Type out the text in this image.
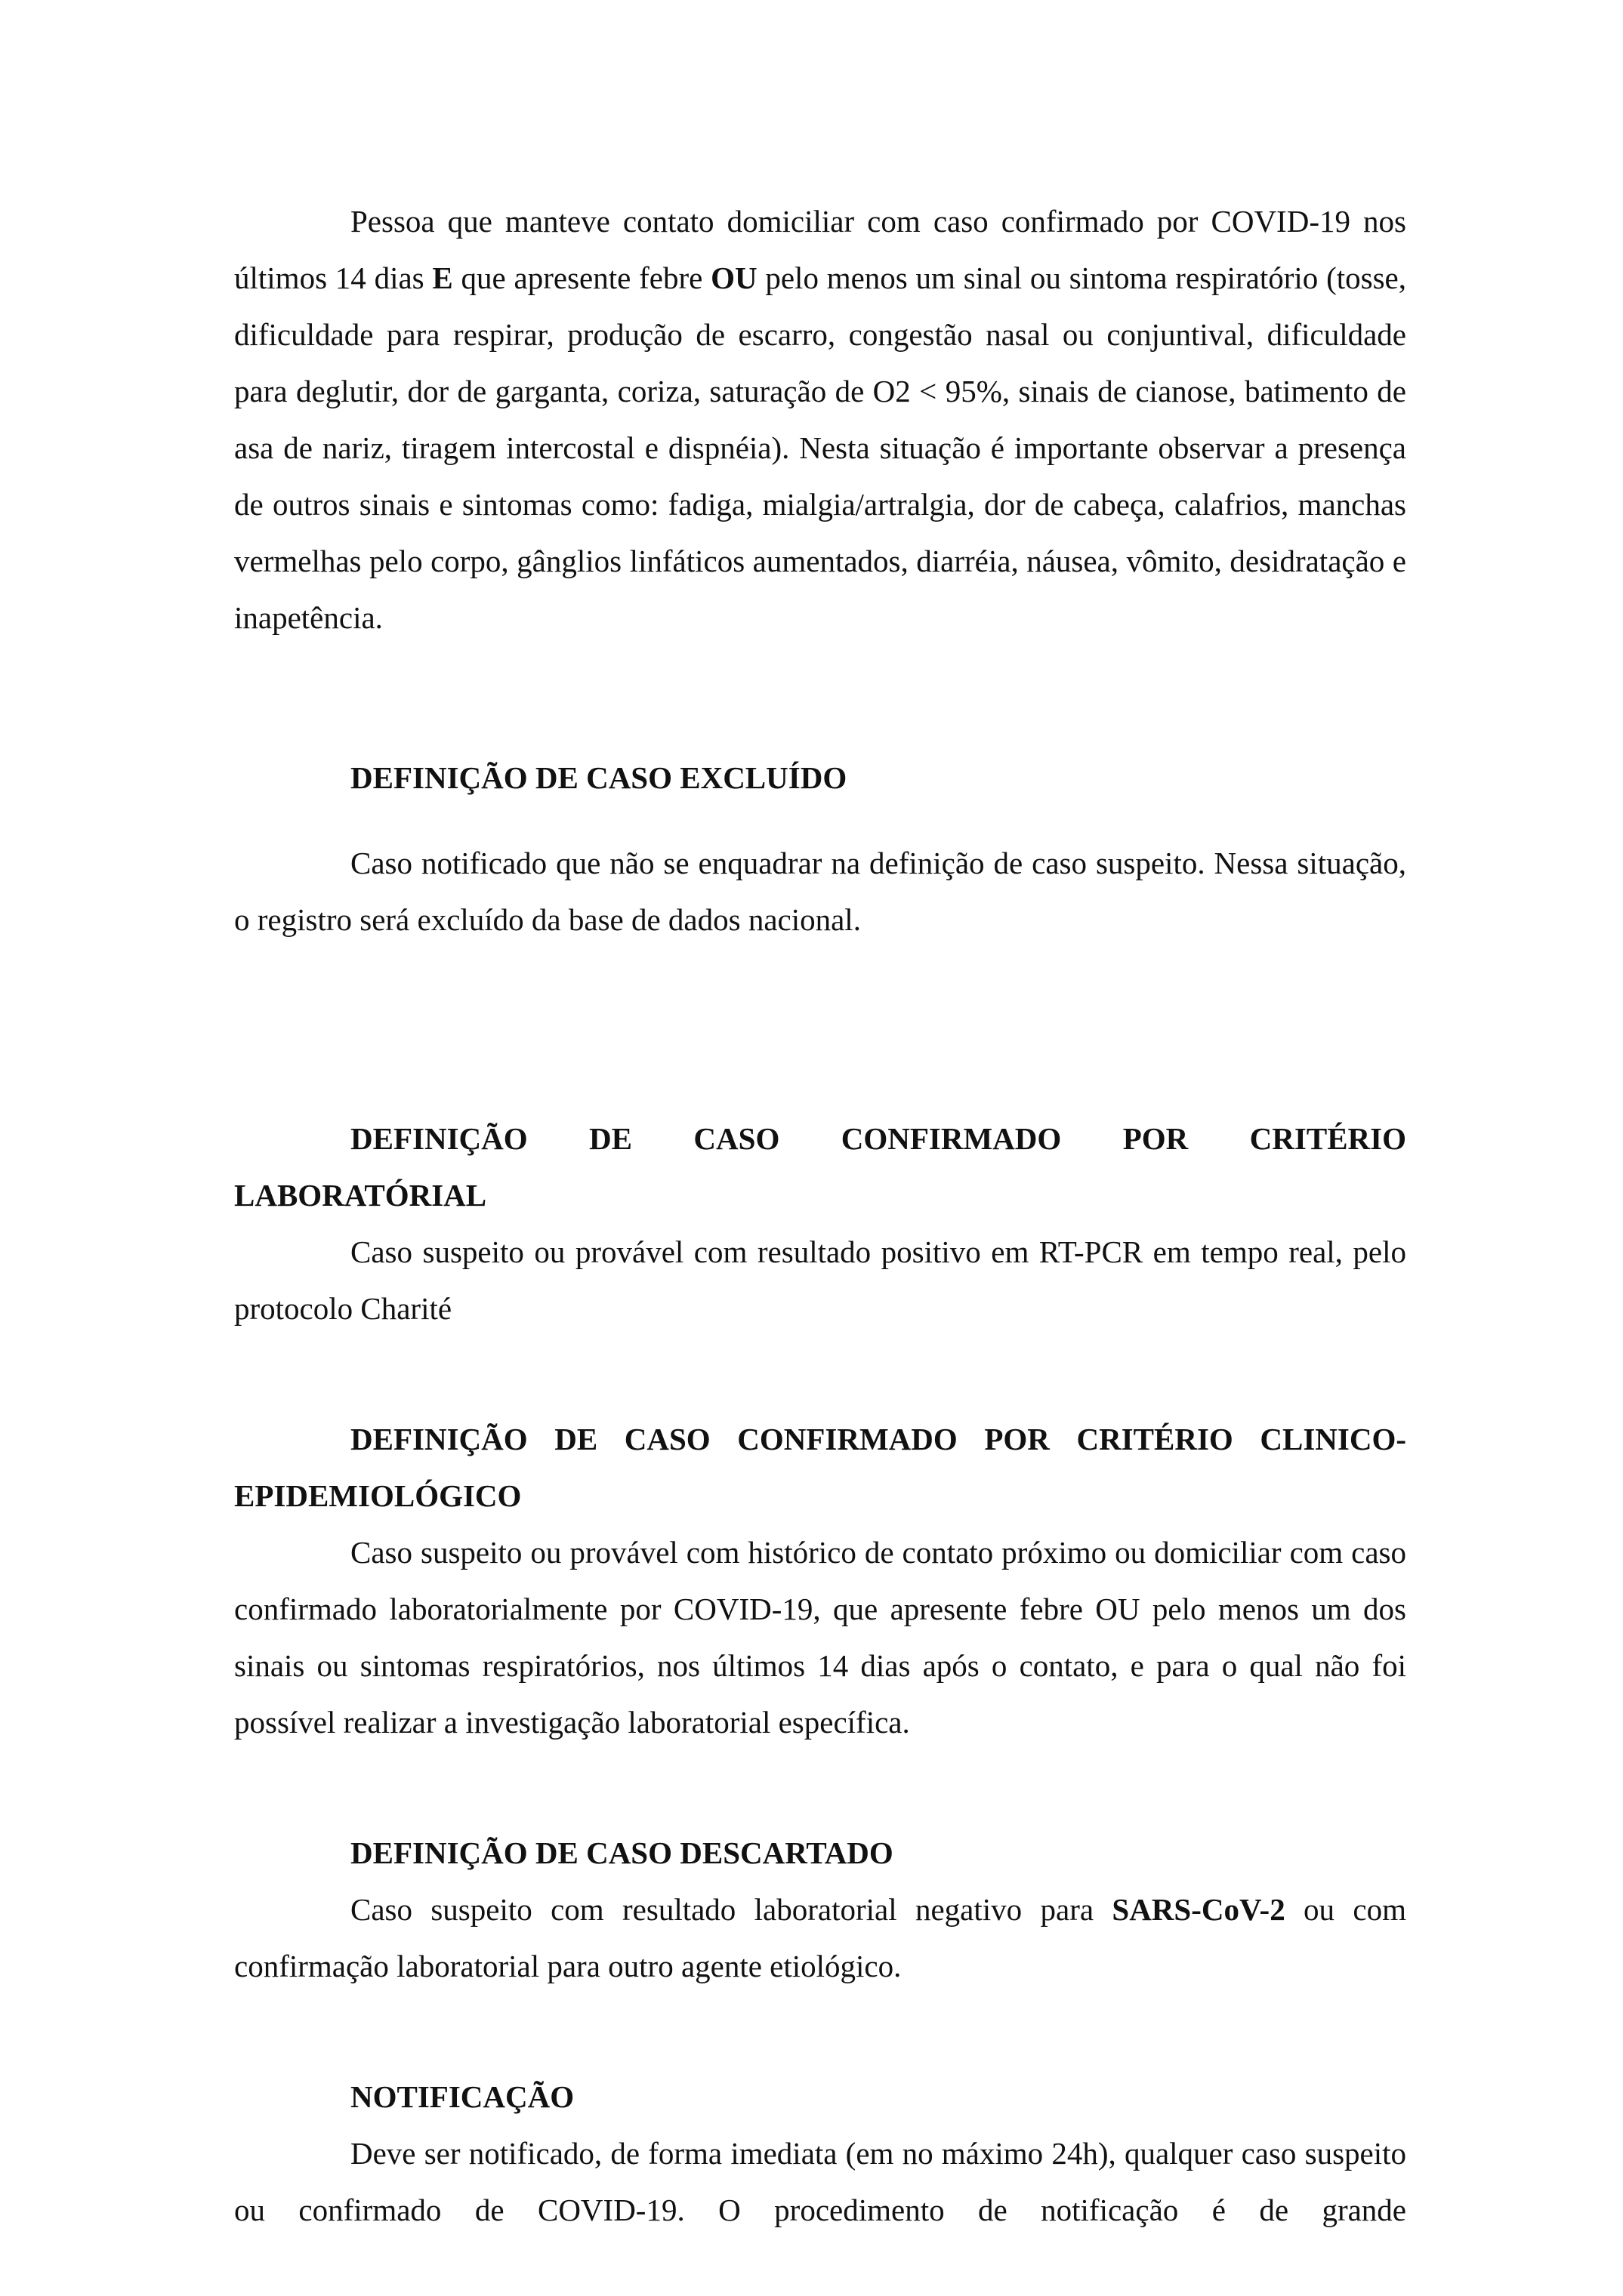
Pessoa que manteve contato domiciliar com caso confirmado por COVID-19 nos últimos 14 dias E que apresente febre OU pelo menos um sinal ou sintoma respiratório (tosse, dificuldade para respirar, produção de escarro, congestão nasal ou conjuntival, dificuldade para deglutir, dor de garganta, coriza, saturação de O2 < 95%, sinais de cianose, batimento de asa de nariz, tiragem intercostal e dispnéia). Nesta situação é importante observar a presença de outros sinais e sintomas como: fadiga, mialgia/artralgia, dor de cabeça, calafrios, manchas vermelhas pelo corpo, gânglios linfáticos aumentados, diarréia, náusea, vômito, desidratação e inapetência.

DEFINIÇÃO DE CASO EXCLUÍDO

Caso notificado que não se enquadrar na definição de caso suspeito. Nessa situação, o registro será excluído da base de dados nacional.

DEFINIÇÃO DE CASO CONFIRMADO POR CRITÉRIO LABORATÓRIAL

Caso suspeito ou provável com resultado positivo em RT-PCR em tempo real, pelo protocolo Charité

DEFINIÇÃO DE CASO CONFIRMADO POR CRITÉRIO CLINICO-EPIDEMIOLÓGICO

Caso suspeito ou provável com histórico de contato próximo ou domiciliar com caso confirmado laboratorialmente por COVID-19, que apresente febre OU pelo menos um dos sinais ou sintomas respiratórios, nos últimos 14 dias após o contato, e para o qual não foi possível realizar a investigação laboratorial específica.

DEFINIÇÃO DE CASO DESCARTADO

Caso suspeito com resultado laboratorial negativo para SARS-CoV-2 ou com confirmação laboratorial para outro agente etiológico.

NOTIFICAÇÃO

Deve ser notificado, de forma imediata (em no máximo 24h), qualquer caso suspeito ou confirmado de COVID-19. O procedimento de notificação é de grande
